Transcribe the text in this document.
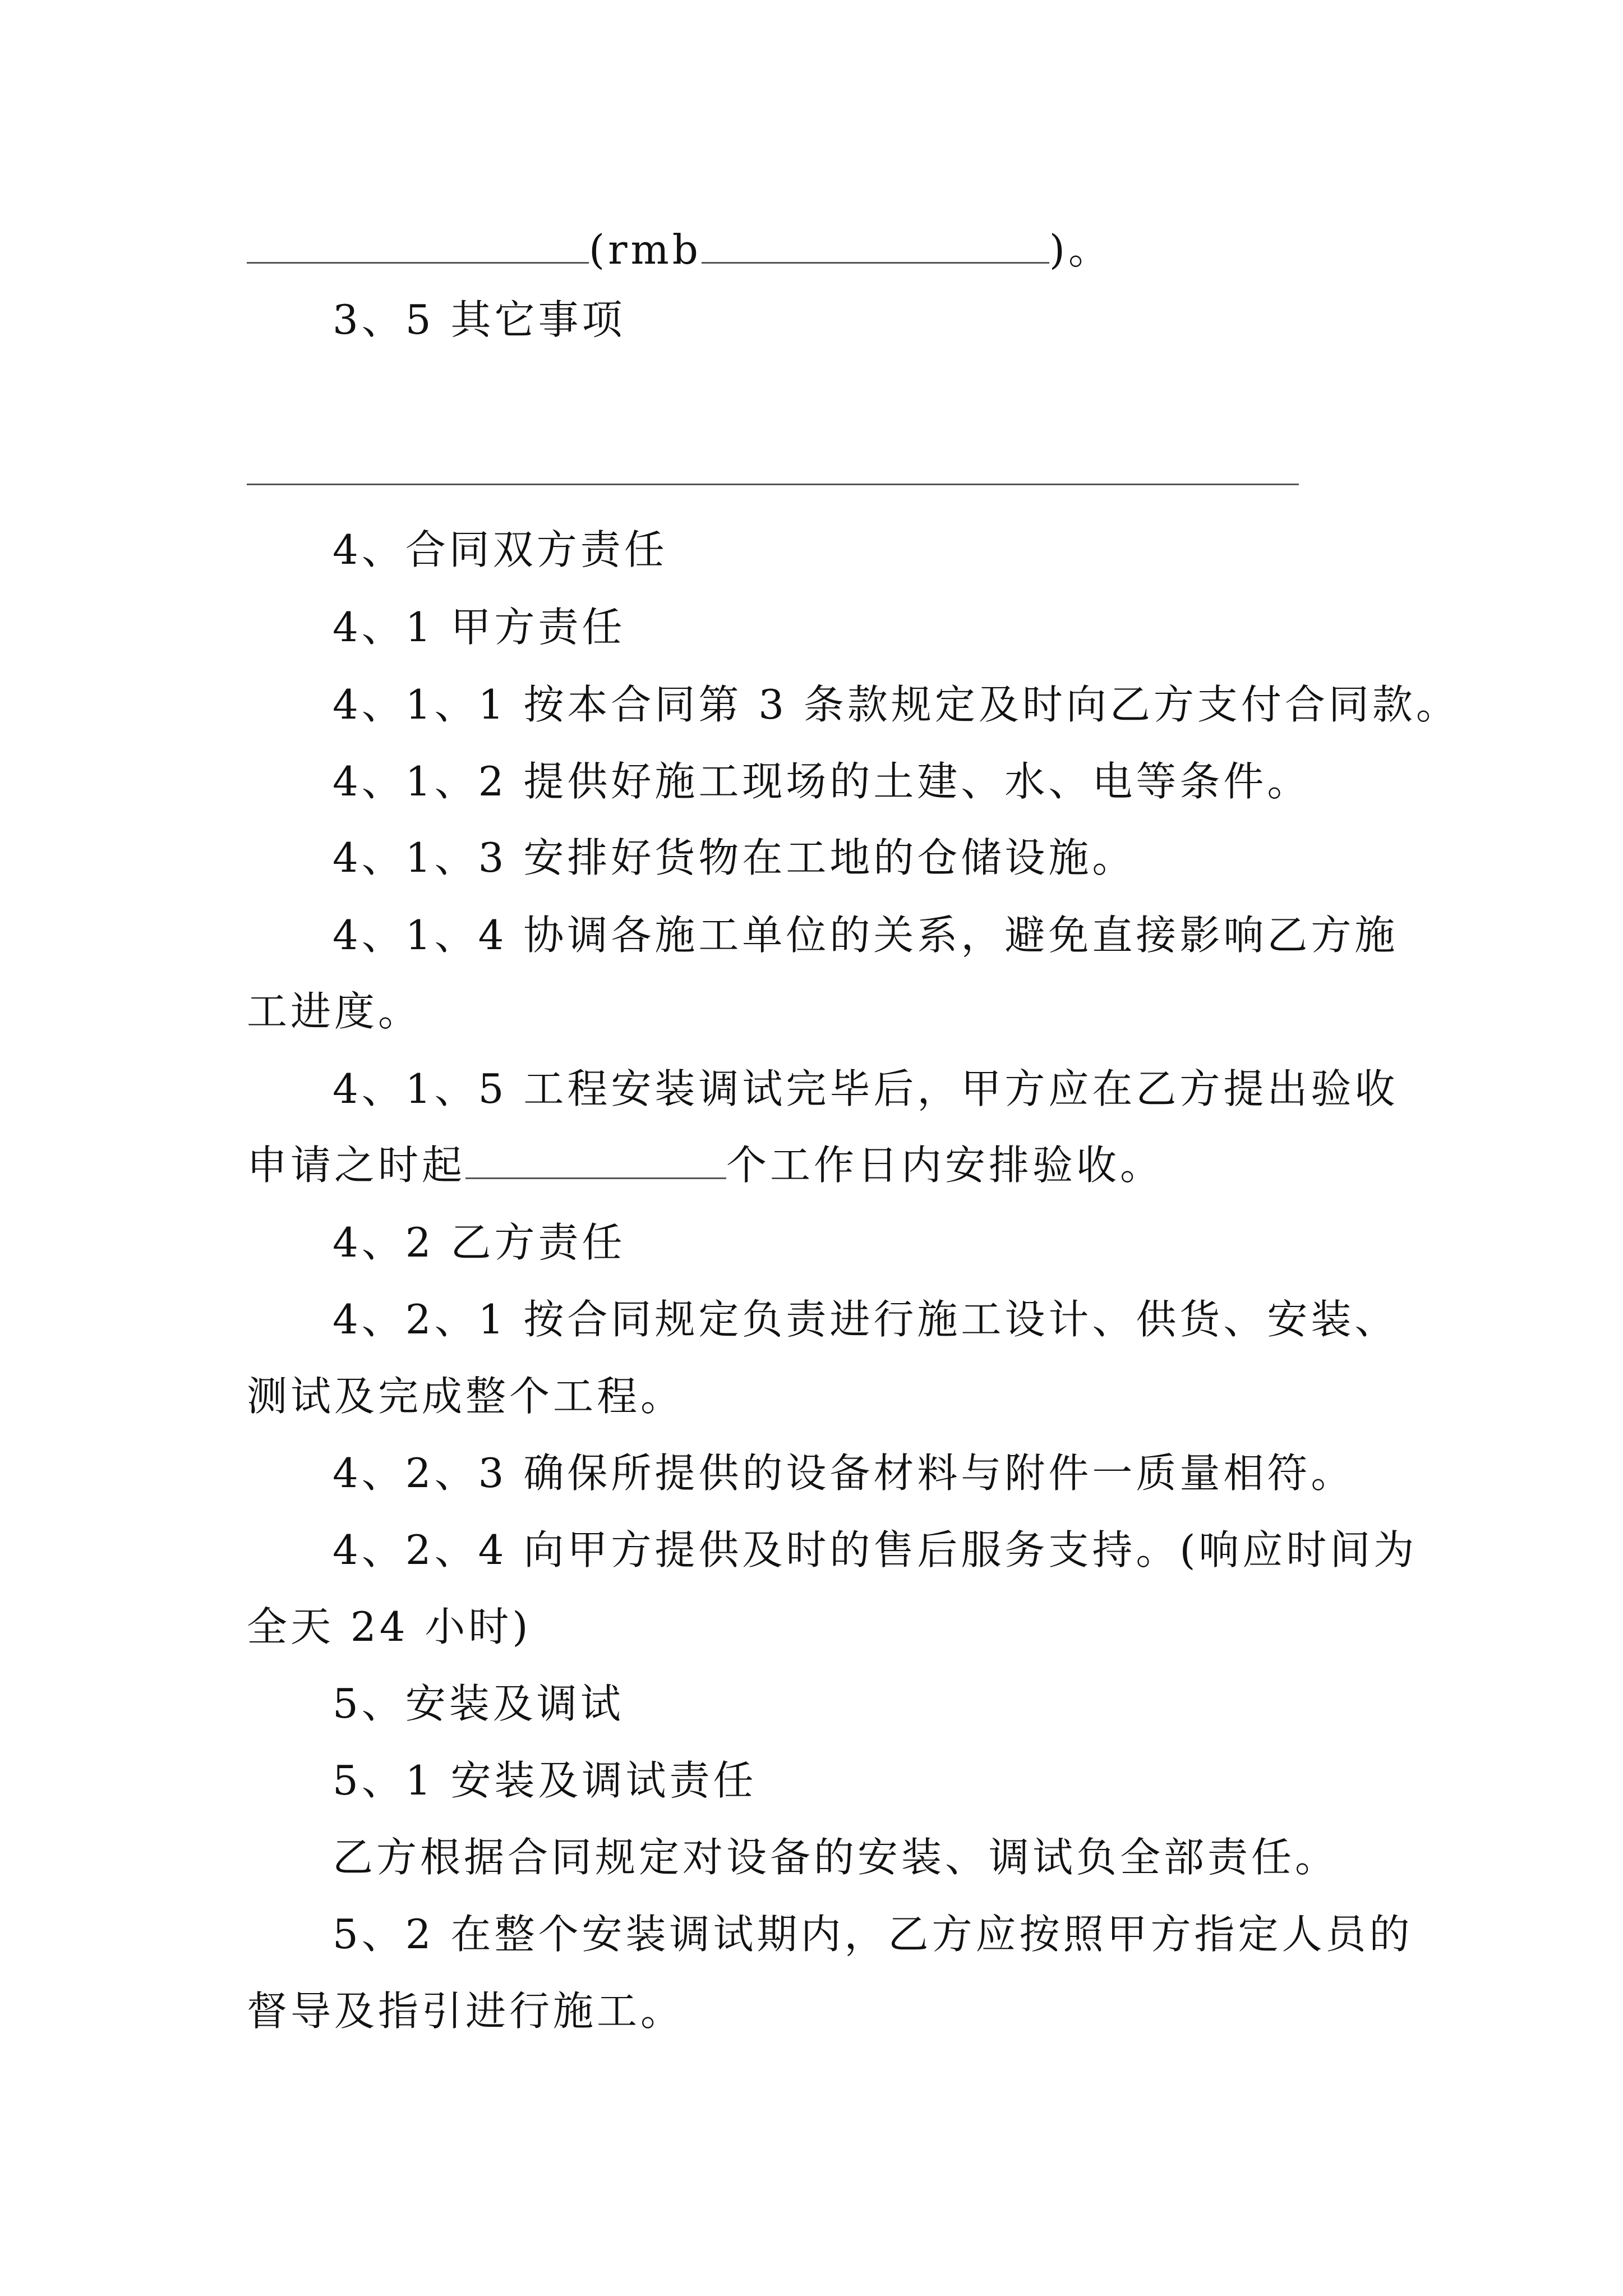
(rmb	)。
3、5 其它事项
4、合同双方责任
4、1 甲方责任
4、1、1 按本合同第 3 条款规定及时向乙方支付合同款。
4、1、2 提供好施工现场的土建、水、电等条件。
4、1、3 安排好货物在工地的仓储设施。
4、1、4 协调各施工单位的关系，避免直接影响乙方施
工进度。
4、1、5 工程安装调试完毕后，甲方应在乙方提出验收
申请之时起	个工作日内安排验收。
4、2 乙方责任
4、2、1 按合同规定负责进行施工设计、供货、安装、
测试及完成整个工程。
4、2、3 确保所提供的设备材料与附件一质量相符。
4、2、4 向甲方提供及时的售后服务支持。(响应时间为
全天 24 小时)
5、安装及调试
5、1 安装及调试责任
乙方根据合同规定对设备的安装、调试负全部责任。
5、2 在整个安装调试期内，乙方应按照甲方指定人员的
督导及指引进行施工。
